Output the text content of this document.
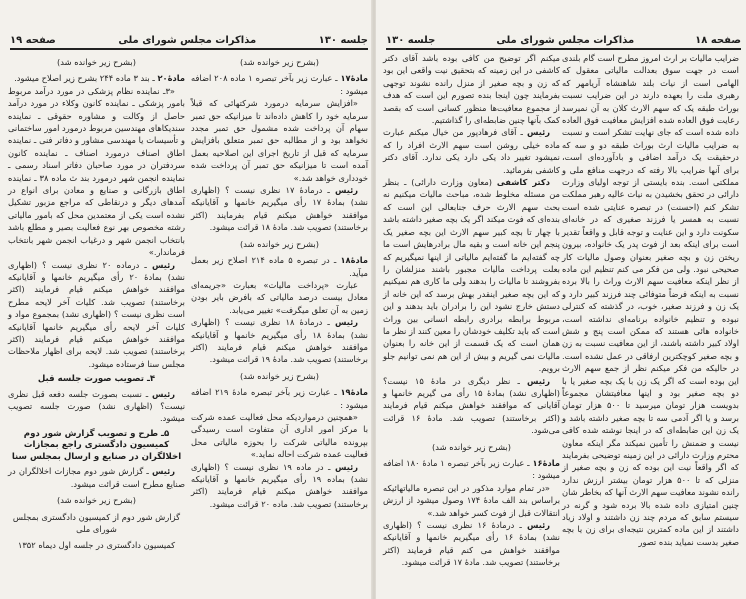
جلسه ۱۳۰
مذاکرات مجلس شورای ملی
صفحه ۱۹

(بشرح زیر خوانده شد)

مادهٔ۱۷ ـ عبارت زیر بآخر تبصره ۱ ماده ۲۰۸ اضافه میشود :

«افزایش سرمایه درمورد شرکتهائی که قبلاً سرمایه خود را کاهش داده‌اند تا میزانیکه حق تمبر سهام آن پرداخت شده مشمول حق تمبر مجدد نخواهد بود و از مطالبه حق تمبر متعلق بافزایش سرمایه که قبل از تاریخ اجرای این اصلاحیه بعمل آمده است تا میزانیکه حق تمبر آن پرداخت شده خودداری خواهد شد.»

رئیس ـ درمادهٔ ۱۷ نظری نیست ؟ (اظهاری نشد) بمادهٔ ۱۷ رأی میگیریم خانمها و آقایانیکه موافقند خواهش میکنم قیام بفرمایند (اکثر برخاستند) تصویب شد. مادهٔ ۱۸ قرائت میشود.

(بشرح زیر خوانده شد)

مادهٔ۱۸ ـ در تبصره ۵ ماده ۲۱۴ اصلاح زیر بعمل میآید.

عبارت «پرداخت مالیات» بعبارت «جریمه‌ای معادل بیست درصد مالیاتی که بافرض بایر بودن زمین به آن تعلق میگرفت» تغییر می‌یابد.

رئیس ـ درمادهٔ ۱۸ نظری نیست ؟ (اظهاری نشد) بمادهٔ ۱۸ رأی میگیریم خانمها و آقایانیکه موافقند خواهش میکنم قیام فرمایند (اکثر برخاستند) تصویب شد. مادهٔ ۱۹ قرائت میشود.

(بشرح زیر خوانده شد)

مادهٔ۱۹ ـ عبارت زیر بآخر تبصره مادهٔ ۲۱۹ اضافه میشود :

«همچنین درمواردیکه محل فعالیت عمده شرکت با مرکز امور اداری آن متفاوت است رسیدگی بپرونده مالیاتی شرکت را بحوزه مالیاتی محل فعالیت عمده شرکت احاله نماید.»

رئیس ـ در ماده ۱۹ نظری نیست ؟ (اظهاری نشد) بماده ۱۹ رأی میگیریم خانمها و آقایانیکه موافقند خواهش میکنم قیام فرمایند (اکثر برخاستند) تصویب شد. ماده ۲۰ قرائت میشود.

(بشرح زیر خوانده شد)

مادهٔ۲۰ ـ بند ۳ ماده ۲۴۴ بشرح زیر اصلاح میشود.

«۳ـ نماینده نظام پزشکی در مورد درآمد مربوط بامور پزشکی ـ نماینده کانون وکلاء در مورد درآمد حاصل از وکالت و مشاوره حقوقی ـ نماینده سندیکاهای مهندسین مربوط درمورد امور ساختمانی و تأسیسات یا مهندسی مشاور و دفاتر فنی ـ نماینده اطاق اصناف درمورد اصناف ـ نماینده کانون سردفتران در مورد صاحبان دفاتر اسناد رسمی ـ نماینده انجمن شهر درمورد بند ث ماده ۳۸ ـ نماینده اطاق بازرگانی و صنایع و معادن برای انواع در آمدهای دیگر و درنقاطی که مراجع مزبور تشکیل نشده است یکی از معتمدین محل که بامور مالیاتی رشته مخصوص بهر نوع فعالیت بصیر و مطلع باشد بانتخاب انجمن شهر و درغیاب انجمن شهر بانتخاب فرماندار.»

رئیس ـ درماده ۲۰ نظری نیست ؟ (اظهاری نشد) بمادهٔ ۲۰ رأی میگیریم خانمها و آقایانیکه موافقند خواهش میکنم قیام فرمایند (اکثر برخاستند) تصویب شد. کلیات آخر لایحه مطرح است نظری نیست ؟ (اظهاری نشد) بمجموع مواد و کلیات آخر لایحه رأی میگیریم خانمها آقایانیکه موافقند خواهش میکنم قیام فرمایند (اکثر برخاستند) تصویب شد. لایحه برای اظهار ملاحظات مجلس سنا فرستاده میشود.

۴ـ تصویب صورت جلسه قبل

رئیس ـ نسبت بصورت جلسه دفعه قبل نظری نیست؟ (اظهاری نشد) صورت جلسه تصویب میشود.

۵ـ طرح و تصویب گزارش شور دوم کمیسیون دادگستری راجع بمجازات اخلالگران در صنایع و ارسال بمجلس سنا

رئیس ـ گزارش شور دوم مجازات اخلالگران در صنایع مطرح است قرائت میشود.

(بشرح زیر خوانده شد)

گزارش شور دوم از کمیسیون دادگستری بمجلس شورای ملی

کمیسیون دادگستری در جلسه اول دیماه ۱۳۵۲

صفحه ۱۸
مذاکرات مجلس شورای ملی
جلسه ۱۳۰

ضرایب مالیات بر ارث امروز مطرح است گام بلندی است در جهت سوق بعدالت مالیاتی معقول که الهامی است از نیات بلند شاهنشاه آریامهر که رهبری ملت را بعهده دارند در این ضرایب نسبت بوراث طبقه یک که سهم الارث کلان به آن نمیرسد رعایت فوق العاده شده افزایش معافیت فوق العاده داده شده است که جای نهایت تشکر است و نسبت به ضرایب مالیات ارث بوراث طبقه دو و سه که درحقیقت یک درآمد اضافی و بادآورده‌ای است، برای آنها ضرایب بالا رفته که درجهت منافع ملی و مملکتی است. بنده بایستی از توجه اولیای وزارت دارائی در تحقق بخشیدن به نیات عالیه رهبر مملکت تشکر کنم (احسنت) در تبصره عنایتی شده است نسبت به همسر یا فرزند صغیری که در خانه‌ای سکونت دارد و این عنایت و توجه قابل و واقعاً تقدیر است برای اینکه بعد از فوت پدر یک خانواده، بیرون ریختن زن و بچه صغیر بعنوان وصول مالیات کار صحیحی نبود. ولی من فکر می کنم تنظیم این ماده از نظر اینکه معافیت سهم الارث وراث را بالا برده نسبت به اینکه فرضاً متوفائی چند فرزند کبیر دارد و یک زن و فرزند صغیر، خوب، در گذشته که کنترلی نبوده و تنظیم خانواده برنامه‌ای نداشته است، خانواده هائی هستند که ممکن است پنج و شش اولاد کبیر داشته باشند، از این معافیت نسبت به زن و بچه صغیر کوچکترین ارفاقی در عمل نشده است. در حالیکه من فکر میکنم نظر از جمع سهم الارث این بوده است که اگر یک زن با یک بچه صغیر یا با دو بچه صغیر بود و اینها معافیتشان مجموعاً بدویست هزار تومان میرسید تا ۵۰۰ هزار تومان برسد و یا اگر آدمی سه تا بچه صغیر داشته باشد و یک زن این ضابطه‌ای که در اینجا نوشته شده کافی نیست و ضمنش را تأمین نمیکند مگر اینکه معاون محترم وزارت دارائی در این زمینه توضیحی بفرمایند که اگر واقعاً نیت این بوده که زن و بچه صغیر از منزلی که تا ۵۰۰ هزار تومان بیشتر ارزش ندارد رانده نشوند معافیت سهم الارث آنها که بخاطر شان چنین امتیازی داده شده بالا برده شود و گرنه در سیستم سابق که مردم چند زن داشتند و اولاد زیاد داشتند از این ماده کمترین نتیجه‌ای برای زن یا بچه صغیر بدست نمیاید بنده تصور

میکنم اگر توضیح من کافی بوده باشد آقای دکتر کاشفی در این زمینه که بتحقیق نیت واقعی این بود که زن و بچه صغیر از منزل رانده نشوند توجهی بفرمایند چون اینجا بنده تصورم این است که هدف از مجموع معافیت‌ها منظور کسانی است که بقصد کمک بآنها چنین ضابطه‌ای را گذاشتیم.

رئیس ـ آقای فرهادپور من خیال میکنم عبارت ماده خیلی روشن است سهم الارث افراد را که نمیشود تغییر داد یکی دارد یکی ندارد. آقای دکتر کاشفی بفرمائید.

دکتر کاشفی (معاون وزارت دارائی) ـ بنظر من مسئله مخلوط شده، مباحث مالیات میکنیم نه بحث سهم الارث حرف جنابعالی این است که بنده‌ای که فوت میکند اگر یک بچه صغیر داشته باشد با چهار تا بچه کبیر سهم الارث این بچه صغیر یک پنجم این خانه است و بقیه مال برادرهایش است ما چه گفته‌ایم ما گفته‌ایم مالیاتی از اینها نمیگیریم که بعلت پرداخت مالیات مجبور باشند منزلشان را بفروشند تا مالیات را بدهند ولی ما کاری هم نمیکنیم که این بچه صغیر اینقدر بهش برسد که این خانه از دستش خارج نشود این را برادران باید بدهند و این مربوط برابطه برادری رابطه انسانی بین وراث است که باید تکلیف خودشان را معین کنند از نظر ما همان است که یک قسمت از این خانه را بعنوان مالیات نمی گیریم و بیش از این هم نمی توانیم جلو برویم.

رئیس ـ نظر دیگری در مادهٔ ۱۵ نیست؟ (اظهاری نشد) بمادهٔ ۱۵ رأی می گیریم خانمها و آقایانی که موافقند خواهش میکنم قیام فرمایند (اکثر برخاستند) تصویب شد. مادهٔ ۱۶ قرائت می‌شود.

(بشرح زیر خوانده شد)

مادهٔ۱۶ ـ عبارت زیر بآخر تبصره ۱ مادهٔ ۱۸۰ اضافه میشود :

«در تمام موارد مذکور در این تبصره مالیاتهائیکه براساس بند الف مادهٔ ۱۷۴ وصول میشود از ارزش انتقالات قبل از فوت کسر خواهد شد.»

رئیس ـ درمادهٔ ۱۶ نظری نیست ؟ (اظهاری نشد) بمادهٔ ۱۶ رأی میگیریم خانمها و آقایانیکه موافقند خواهش می کنم قیام فرمایند (اکثر برخاستند) تصویب شد. مادهٔ ۱۷ قرائت میشود.
